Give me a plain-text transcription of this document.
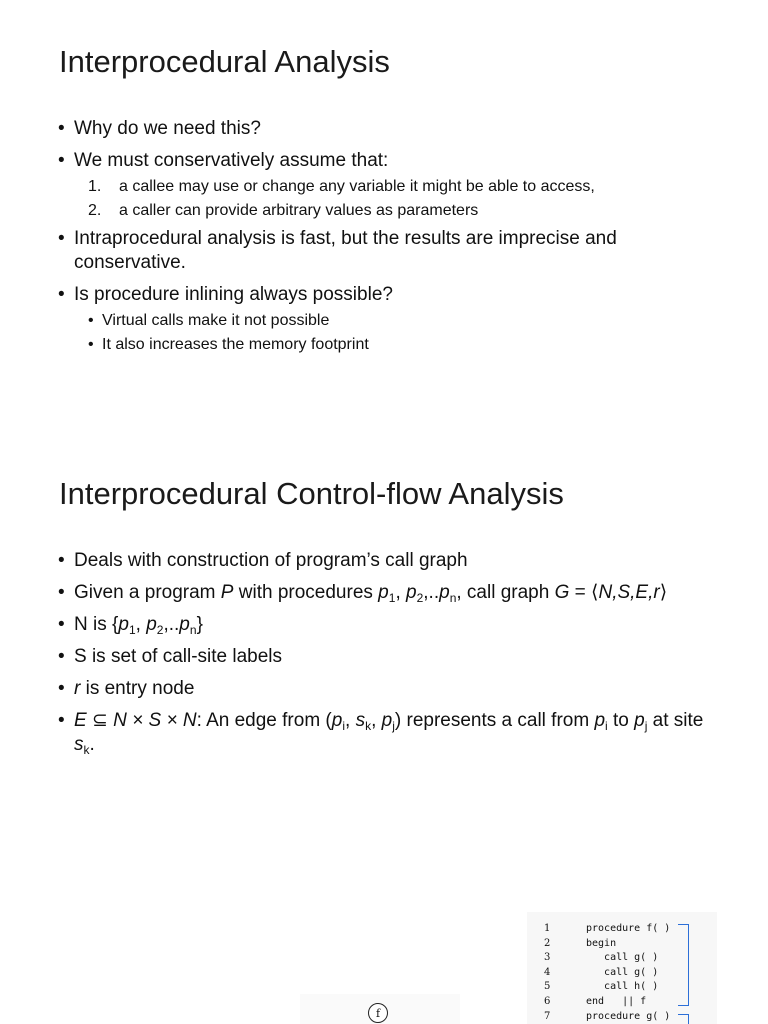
Interprocedural Analysis
• Why do we need this?
• We must conservatively assume that:
1. a callee may use or change any variable it might be able to access,
2. a caller can provide arbitrary values as parameters
• Intraprocedural analysis is fast, but the results are imprecise and conservative.
• Is procedure inlining always possible?
• Virtual calls make it not possible
• It also increases the memory footprint
Interprocedural Control-flow Analysis
• Deals with construction of program’s call graph
• Given a program P with procedures $p_1$, $p_2,..p_n$, call graph G = ⟨N,S,E,r⟩
• N is {$p_1$, $p_2,..p_n$}
• S is set of call-site labels
• r is entry node
• E ⊆ N × S × N: An edge from ($p_i$, $s_k$, $p_j$) represents a call from $p_i$ to $p_j$ at site $s_k$.
f
1	procedure f( )
2	begin
3	call g( )
4	call g( )
5	call h( )
6	end   || f
7	procedure g( )
